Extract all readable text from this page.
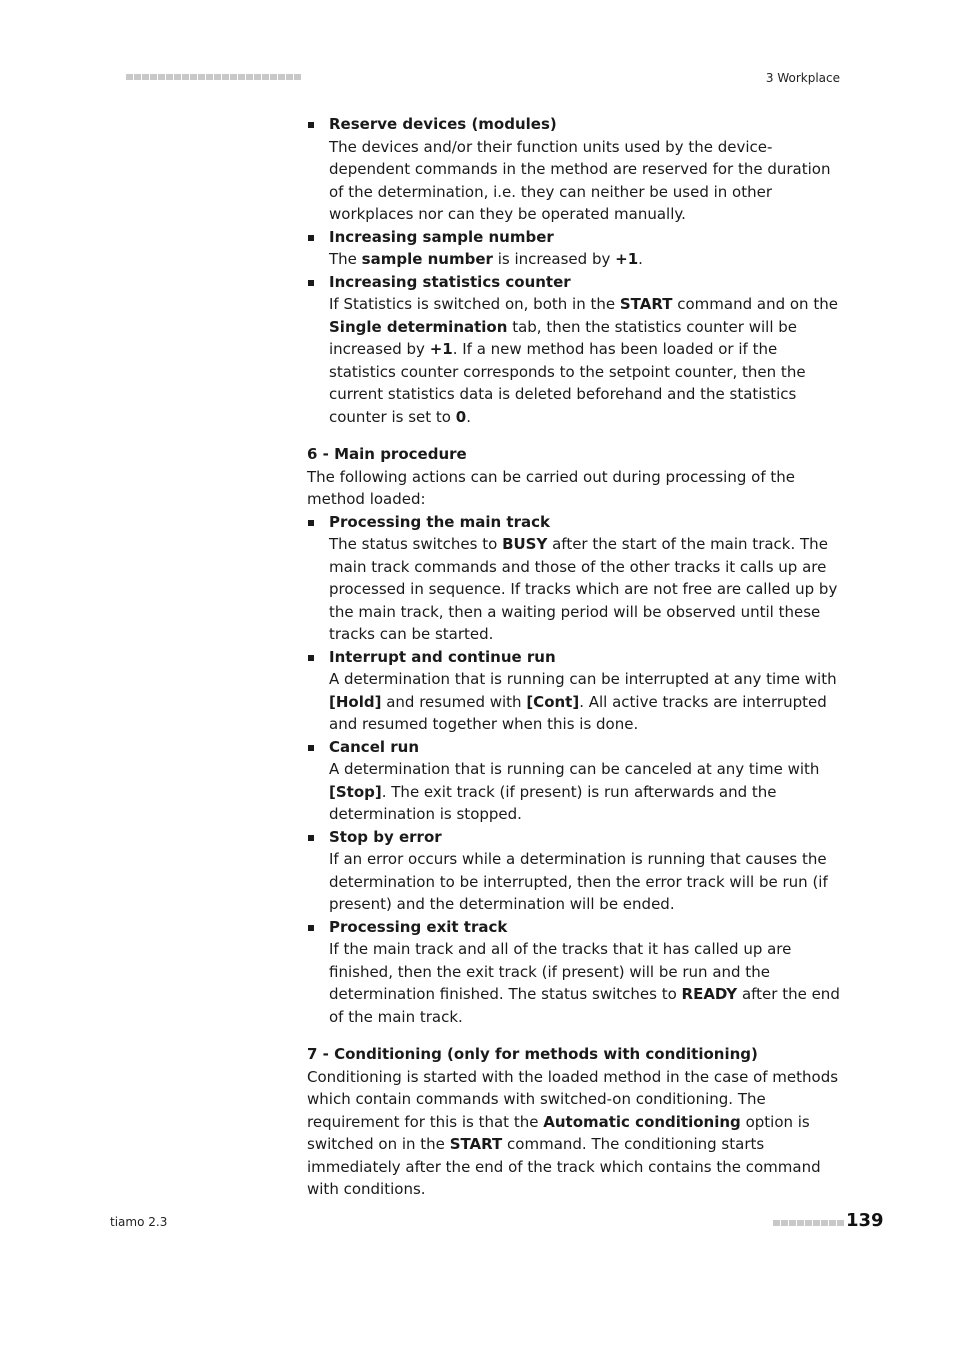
3 Workplace
Reserve devices (modules)
The devices and/or their function units used by the device-dependent commands in the method are reserved for the duration of the determination, i.e. they can neither be used in other workplaces nor can they be operated manually.
Increasing sample number
The sample number is increased by +1.
Increasing statistics counter
If Statistics is switched on, both in the START command and on the Single determination tab, then the statistics counter will be increased by +1. If a new method has been loaded or if the statistics counter corresponds to the setpoint counter, then the current statistics data is deleted beforehand and the statistics counter is set to 0.
6 - Main procedure

The following actions can be carried out during processing of the method loaded:

Processing the main track
The status switches to BUSY after the start of the main track. The main track commands and those of the other tracks it calls up are processed in sequence. If tracks which are not free are called up by the main track, then a waiting period will be observed until these tracks can be started.
Interrupt and continue run
A determination that is running can be interrupted at any time with [Hold] and resumed with [Cont]. All active tracks are interrupted and resumed together when this is done.
Cancel run
A determination that is running can be canceled at any time with [Stop]. The exit track (if present) is run afterwards and the determination is stopped.
Stop by error
If an error occurs while a determination is running that causes the determination to be interrupted, then the error track will be run (if present) and the determination will be ended.
Processing exit track
If the main track and all of the tracks that it has called up are finished, then the exit track (if present) will be run and the determination finished. The status switches to READY after the end of the main track.
7 - Conditioning (only for methods with conditioning)

Conditioning is started with the loaded method in the case of methods which contain commands with switched-on conditioning. The requirement for this is that the Automatic conditioning option is switched on in the START command. The conditioning starts immediately after the end of the track which contains the command with conditions.

tiamo 2.3	139
